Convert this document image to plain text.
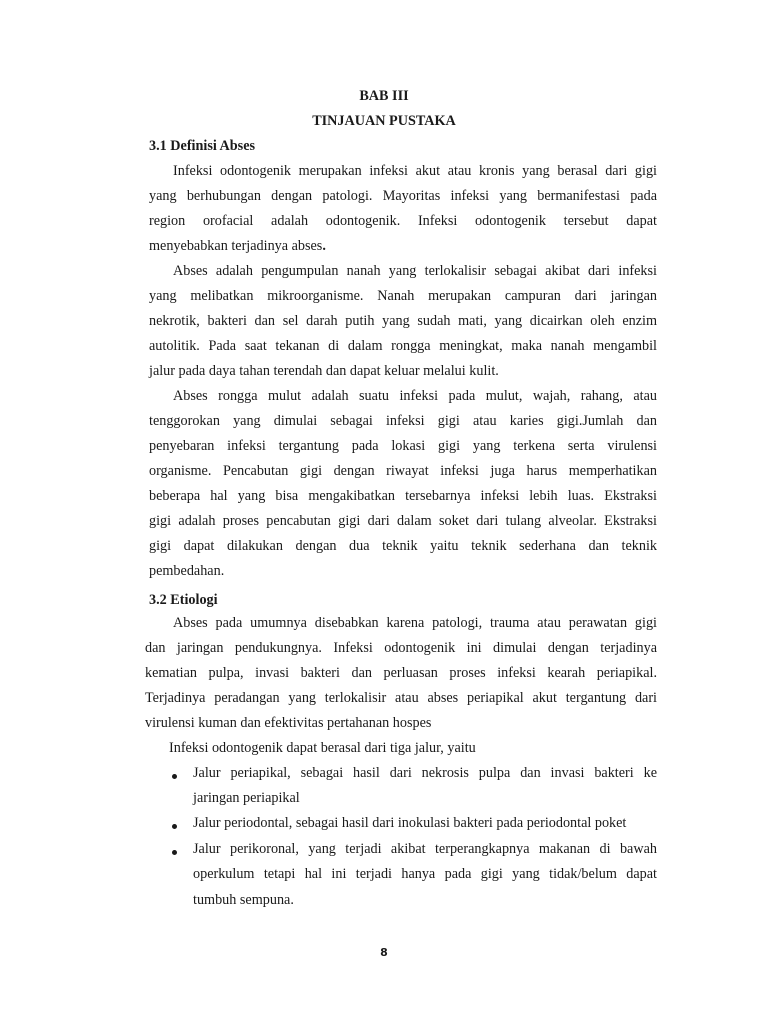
BAB III
TINJAUAN PUSTAKA
3.1 Definisi Abses
Infeksi odontogenik merupakan infeksi akut atau kronis yang berasal dari gigi
yang berhubungan dengan patologi. Mayoritas infeksi yang bermanifestasi pada
region orofacial adalah odontogenik. Infeksi odontogenik tersebut dapat
menyebabkan terjadinya abses.
Abses adalah pengumpulan nanah yang terlokalisir sebagai akibat dari infeksi
yang melibatkan mikroorganisme. Nanah merupakan campuran dari jaringan
nekrotik, bakteri dan sel darah putih yang sudah mati, yang dicairkan oleh enzim
autolitik. Pada saat tekanan di dalam rongga meningkat, maka nanah mengambil
jalur pada daya tahan terendah dan dapat keluar melalui kulit.
Abses rongga mulut adalah suatu infeksi pada mulut, wajah, rahang, atau
tenggorokan yang dimulai sebagai infeksi gigi atau karies gigi.Jumlah dan
penyebaran infeksi tergantung pada lokasi gigi yang terkena serta virulensi
organisme. Pencabutan gigi dengan riwayat infeksi juga harus memperhatikan
beberapa hal yang bisa mengakibatkan tersebarnya infeksi lebih luas. Ekstraksi
gigi adalah proses pencabutan gigi dari dalam soket dari tulang alveolar. Ekstraksi
gigi dapat dilakukan dengan dua teknik yaitu teknik sederhana dan teknik
pembedahan.
3.2 Etiologi
Abses pada umumnya disebabkan karena patologi, trauma atau perawatan gigi
dan jaringan pendukungnya. Infeksi odontogenik ini dimulai dengan terjadinya
kematian pulpa, invasi bakteri dan perluasan proses infeksi kearah periapikal.
Terjadinya peradangan yang terlokalisir atau abses periapikal akut tergantung dari
virulensi kuman dan efektivitas pertahanan hospes
Infeksi odontogenik dapat berasal dari tiga jalur, yaitu
Jalur periapikal, sebagai hasil dari nekrosis pulpa dan invasi bakteri ke
jaringan periapikal
Jalur periodontal, sebagai hasil dari inokulasi bakteri pada periodontal poket
Jalur perikoronal, yang terjadi akibat terperangkapnya makanan di bawah
operkulum tetapi hal ini terjadi hanya pada gigi yang tidak/belum dapat
tumbuh sempuna.
8
